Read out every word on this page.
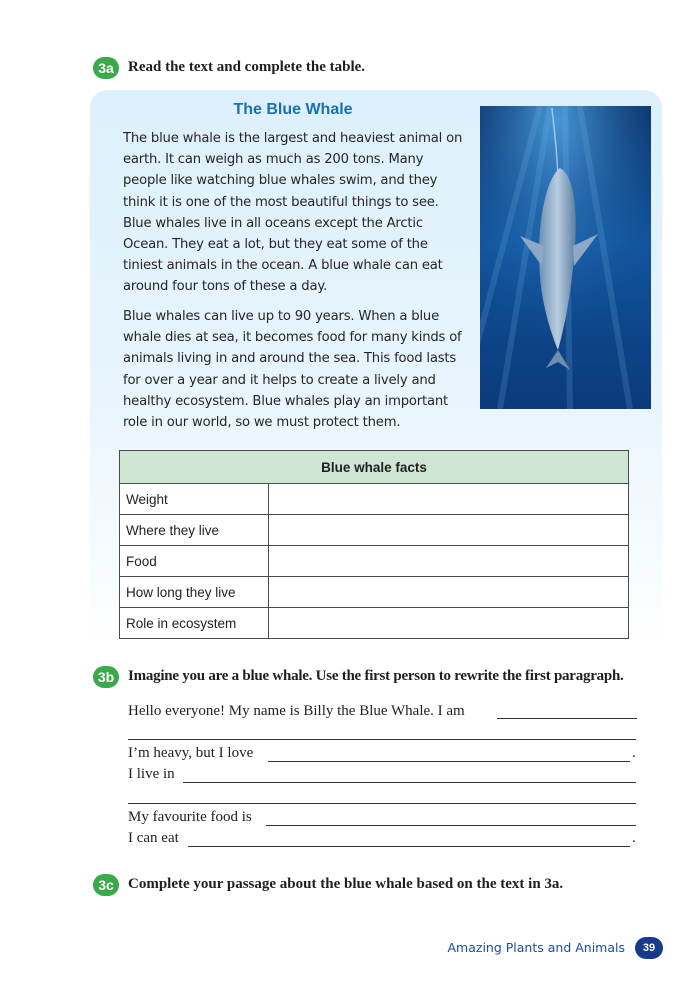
3a Read the text and complete the table.
The Blue Whale

The blue whale is the largest and heaviest animal on earth. It can weigh as much as 200 tons. Many people like watching blue whales swim, and they think it is one of the most beautiful things to see. Blue whales live in all oceans except the Arctic Ocean. They eat a lot, but they eat some of the tiniest animals in the ocean. A blue whale can eat around four tons of these a day.

Blue whales can live up to 90 years. When a blue whale dies at sea, it becomes food for many kinds of animals living in and around the sea. This food lasts for over a year and it helps to create a lively and healthy ecosystem. Blue whales play an important role in our world, so we must protect them.

Blue whale facts	
Weight	
Where they live	
Food	
How long they live	
Role in ecosystem	
3b Imagine you are a blue whale. Use the first person to rewrite the first paragraph.
Hello everyone! My name is Billy the Blue Whale. I am
I’m heavy, but I love	.
I live in
My favourite food is
I can eat	.
3c Complete your passage about the blue whale based on the text in 3a.
Amazing Plants and Animals	39
